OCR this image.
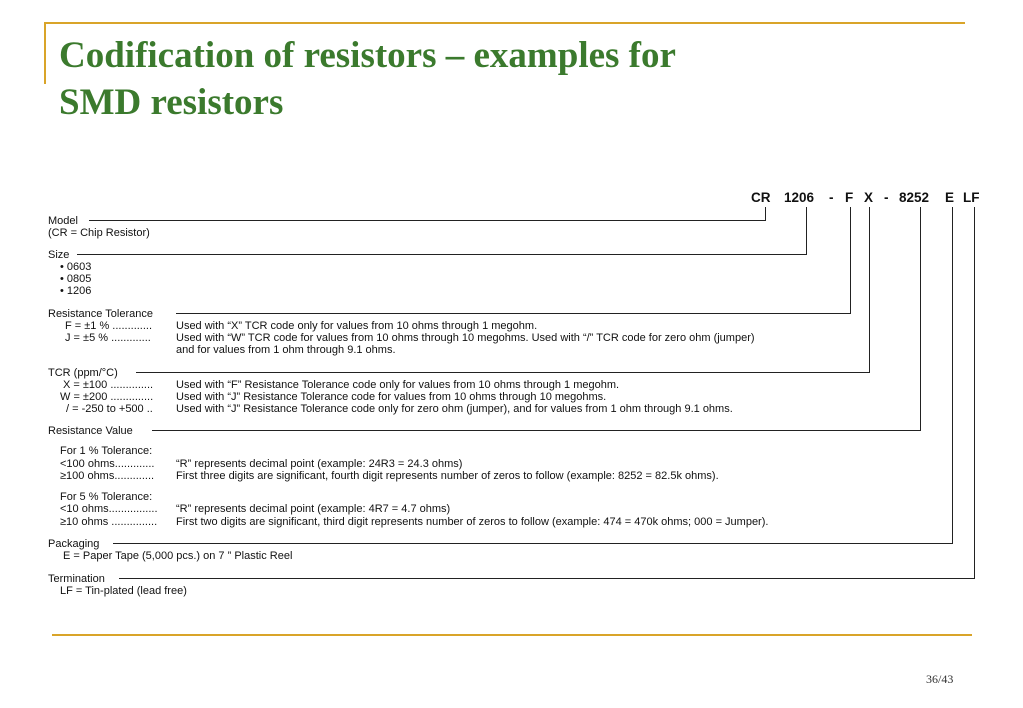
Codification of resistors – examples for
SMD resistors
CR 1206 - F X - 8252 E LF
Model
(CR = Chip Resistor)
Size
• 0603
• 0805
• 1206
Resistance Tolerance
F = ±1 % ............. Used with “X” TCR code only for values from 10 ohms through 1 megohm.
J = ±5 % ............. Used with “W” TCR code for values from 10 ohms through 10 megohms. Used with “/” TCR code for zero ohm (jumper)
and for values from 1 ohm through 9.1 ohms.
TCR (ppm/°C)
X = ±100 .............. Used with “F” Resistance Tolerance code only for values from 10 ohms through 1 megohm.
W = ±200 .............. Used with “J” Resistance Tolerance code for values from 10 ohms through 10 megohms.
/ = -250 to +500 .. Used with “J” Resistance Tolerance code only for zero ohm (jumper), and for values from 1 ohm through 9.1 ohms.
Resistance Value
For 1 % Tolerance:
<100 ohms............. “R” represents decimal point (example: 24R3 = 24.3 ohms)
≥100 ohms............. First three digits are significant, fourth digit represents number of zeros to follow (example: 8252 = 82.5k ohms).
For 5 % Tolerance:
<10 ohms................ “R” represents decimal point (example: 4R7 = 4.7 ohms)
≥10 ohms ............... First two digits are significant, third digit represents number of zeros to follow (example: 474 = 470k ohms; 000 = Jumper).
Packaging
E = Paper Tape (5,000 pcs.) on 7 ” Plastic Reel
Termination
LF = Tin-plated (lead free)
36/43
